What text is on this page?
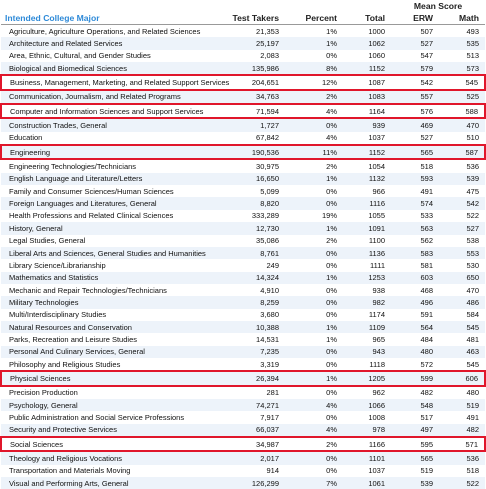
				Mean Score	
Intended College Major	Test Takers	Percent	Total	ERW	Math
Agriculture, Agriculture Operations, and Related Sciences	21,353	1%	1000	507	493
Architecture and Related Services	25,197	1%	1062	527	535
Area, Ethnic, Cultural, and Gender Studies	2,083	0%	1060	547	513
Biological and Biomedical Sciences	135,986	8%	1152	579	573
Business, Management, Marketing, and Related Support Services	204,651	12%	1087	542	545
Communication, Journalism, and Related Programs	34,763	2%	1083	557	525
Computer and Information Sciences and Support Services	71,594	4%	1164	576	588
Construction Trades, General	1,727	0%	939	469	470
Education	67,842	4%	1037	527	510
Engineering	190,536	11%	1152	565	587
Engineering Technologies/Technicians	30,975	2%	1054	518	536
English Language and Literature/Letters	16,650	1%	1132	593	539
Family and Consumer Sciences/Human Sciences	5,099	0%	966	491	475
Foreign Languages and Literatures, General	8,820	0%	1116	574	542
Health Professions and Related Clinical Sciences	333,289	19%	1055	533	522
History, General	12,730	1%	1091	563	527
Legal Studies, General	35,086	2%	1100	562	538
Liberal Arts and Sciences, General Studies and Humanities	8,761	0%	1136	583	553
Library Science/Librarianship	249	0%	1111	581	530
Mathematics and Statistics	14,324	1%	1253	603	650
Mechanic and Repair Technologies/Technicians	4,910	0%	938	468	470
Military Technologies	8,259	0%	982	496	486
Multi/Interdisciplinary Studies	3,680	0%	1174	591	584
Natural Resources and Conservation	10,388	1%	1109	564	545
Parks, Recreation and Leisure Studies	14,531	1%	965	484	481
Personal And Culinary Services, General	7,235	0%	943	480	463
Philosophy and Religious Studies	3,319	0%	1118	572	545
Physical Sciences	26,394	1%	1205	599	606
Precision Production	281	0%	962	482	480
Psychology, General	74,271	4%	1066	548	519
Public Administration and Social Service Professions	7,917	0%	1008	517	491
Security and Protective Services	66,037	4%	978	497	482
Social Sciences	34,987	2%	1166	595	571
Theology and Religious Vocations	2,017	0%	1101	565	536
Transportation and Materials Moving	914	0%	1037	519	518
Visual and Performing Arts, General	126,299	7%	1061	539	522
